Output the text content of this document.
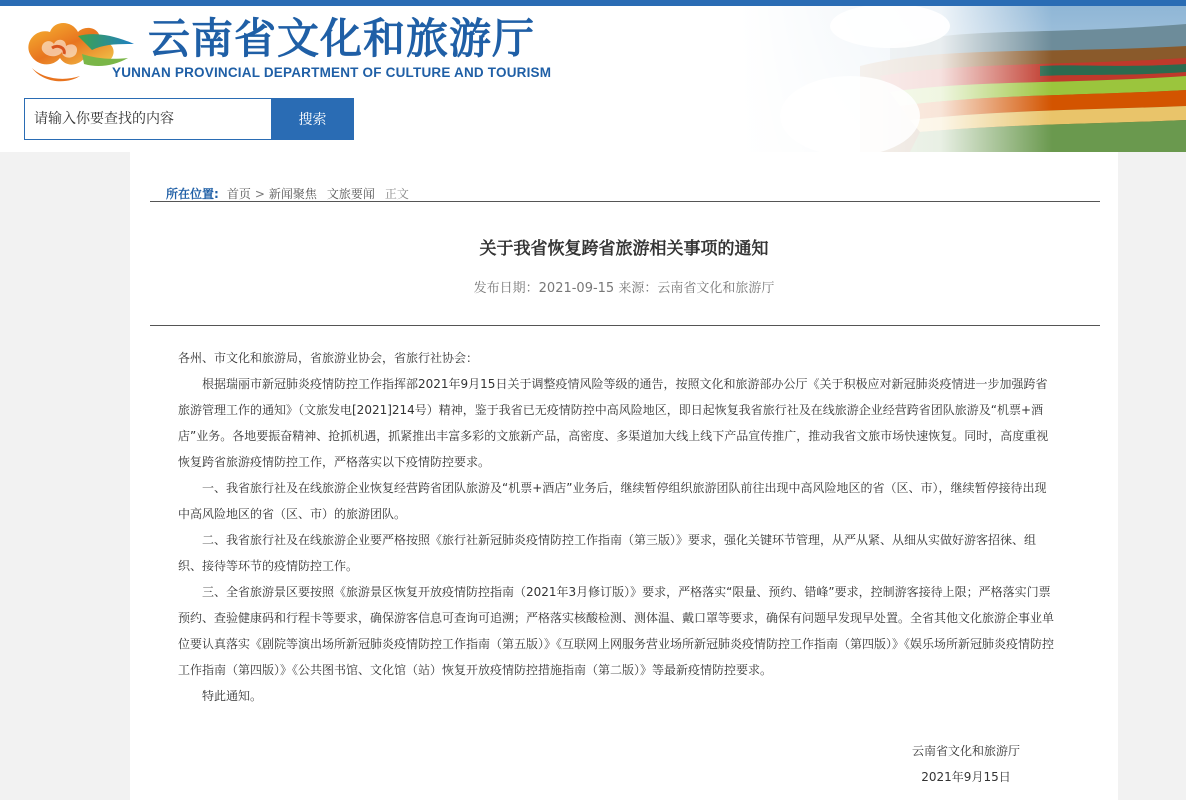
云南省文化和旅游厅
YUNNAN PROVINCIAL DEPARTMENT OF CULTURE AND TOURISM
请输入你要查找的内容
搜索
所在位置: 首页 > 新闻聚焦 文旅要闻 正文
关于我省恢复跨省旅游相关事项的通知
发布日期：2021-09-15 来源：云南省文化和旅游厅

各州、市文化和旅游局，省旅游业协会，省旅行社协会：

根据瑞丽市新冠肺炎疫情防控工作指挥部2021年9月15日关于调整疫情风险等级的通告，按照文化和旅游部办公厅《关于积极应对新冠肺炎疫情进一步加强跨省旅游管理工作的通知》（文旅发电[2021]214号）精神，鉴于我省已无疫情防控中高风险地区，即日起恢复我省旅行社及在线旅游企业经营跨省团队旅游及“机票+酒店”业务。各地要振奋精神、抢抓机遇，抓紧推出丰富多彩的文旅新产品，高密度、多渠道加大线上线下产品宣传推广，推动我省文旅市场快速恢复。同时，高度重视恢复跨省旅游疫情防控工作，严格落实以下疫情防控要求。

一、我省旅行社及在线旅游企业恢复经营跨省团队旅游及“机票+酒店”业务后，继续暂停组织旅游团队前往出现中高风险地区的省（区、市），继续暂停接待出现中高风险地区的省（区、市）的旅游团队。

二、我省旅行社及在线旅游企业要严格按照《旅行社新冠肺炎疫情防控工作指南（第三版）》要求，强化关键环节管理，从严从紧、从细从实做好游客招徕、组织、接待等环节的疫情防控工作。

三、全省旅游景区要按照《旅游景区恢复开放疫情防控指南（2021年3月修订版）》要求，严格落实“限量、预约、错峰”要求，控制游客接待上限；严格落实门票预约、查验健康码和行程卡等要求，确保游客信息可查询可追溯；严格落实核酸检测、测体温、戴口罩等要求，确保有问题早发现早处置。全省其他文化旅游企事业单位要认真落实《剧院等演出场所新冠肺炎疫情防控工作指南（第五版）》《互联网上网服务营业场所新冠肺炎疫情防控工作指南（第四版）》《娱乐场所新冠肺炎疫情防控工作指南（第四版）》《公共图书馆、文化馆（站）恢复开放疫情防控措施指南（第二版）》等最新疫情防控要求。

特此通知。

云南省文化和旅游厅
2021年9月15日
